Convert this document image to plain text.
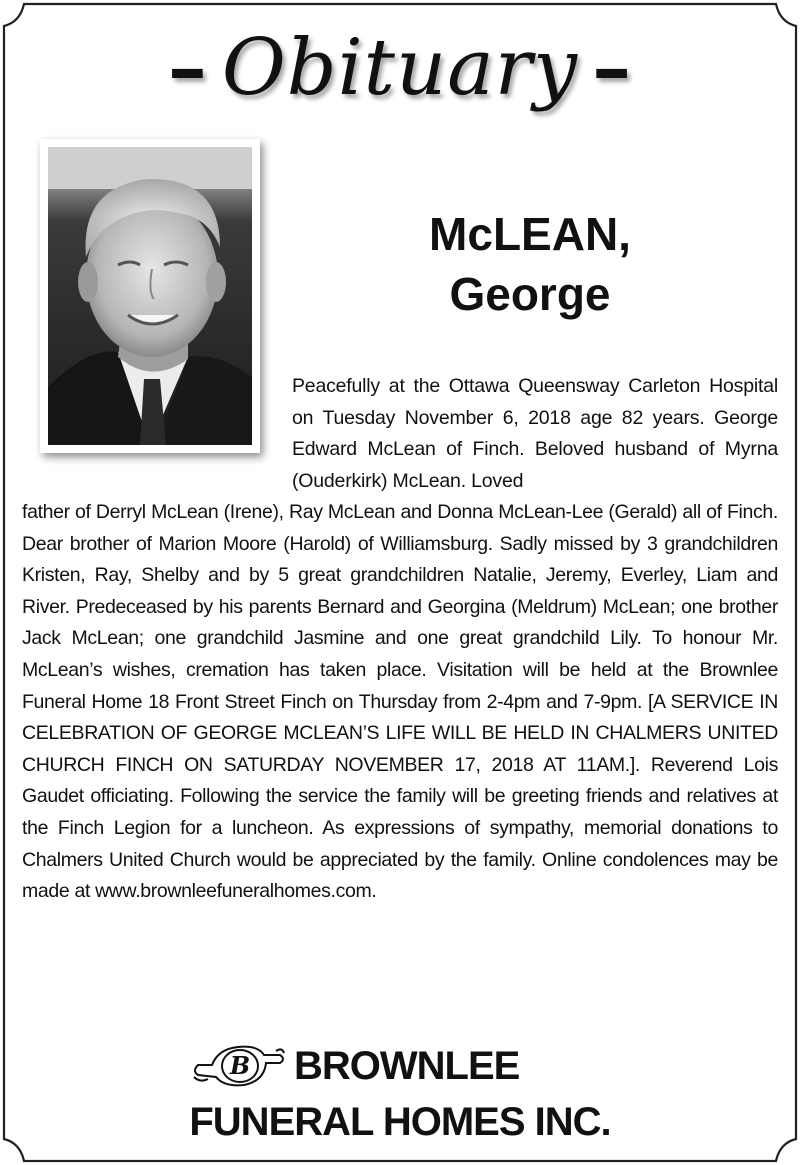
– Obituary –
McLEAN,
George

Peacefully at the Ottawa Queensway Carleton Hospital on Tuesday November 6, 2018 age 82 years. George Edward McLean of Finch. Beloved husband of Myrna (Ouderkirk) McLean. Loved

father of Derryl McLean (Irene), Ray McLean and Donna McLean-Lee (Gerald) all of Finch. Dear brother of Marion Moore (Harold) of Williamsburg. Sadly missed by 3 grandchildren Kristen, Ray, Shelby and by 5 great grandchildren Natalie, Jeremy, Everley, Liam and River. Predeceased by his parents Bernard and Georgina (Meldrum) McLean; one brother Jack McLean; one grandchild Jasmine and one great grandchild Lily. To honour Mr. McLean’s wishes, cremation has taken place. Visitation will be held at the Brownlee Funeral Home 18 Front Street Finch on Thursday from 2-4pm and 7-9pm. [A SERVICE IN CELEBRATION OF GEORGE MCLEAN’S LIFE WILL BE HELD IN CHALMERS UNITED CHURCH FINCH ON SATURDAY NOVEMBER 17, 2018 AT 11AM.]. Reverend Lois Gaudet officiating. Following the service the family will be greeting friends and relatives at the Finch Legion for a luncheon. As expressions of sympathy, memorial donations to Chalmers United Church would be appreciated by the family. Online condolences may be made at www.brownleefuneralhomes.com.

B BROWNLEE
FUNERAL HOMES INC.
